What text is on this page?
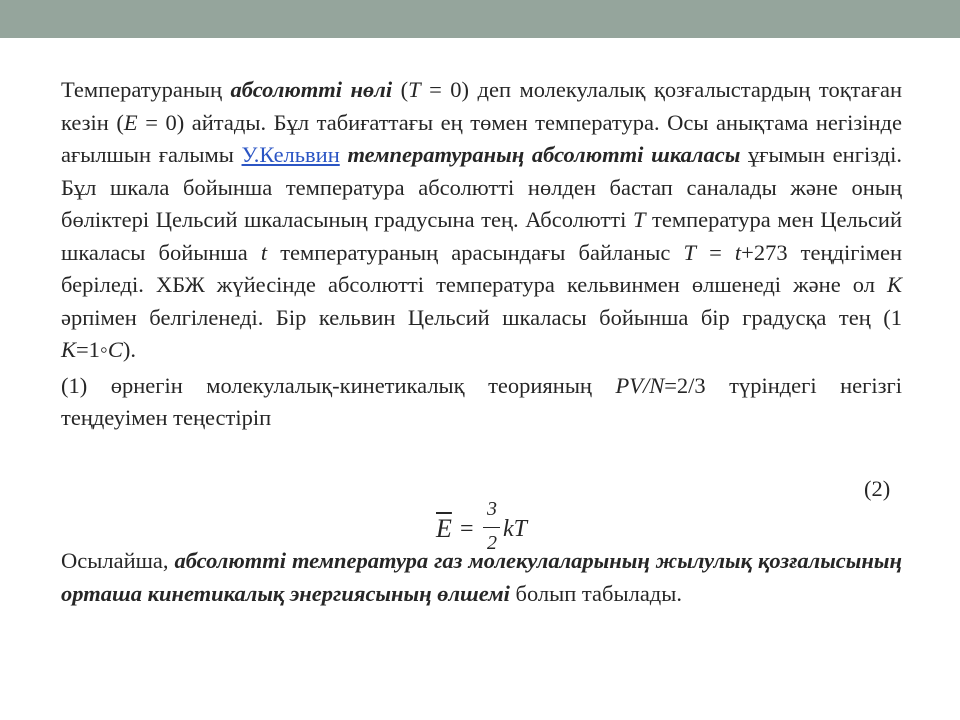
Температураның абсолютті нөлі (Т = 0) деп молекулалық қозғалыстардың тоқтаған кезін (Е = 0) айтады. Бұл табиғаттағы ең төмен температура. Осы анықтама негізінде ағылшын ғалымы У.Кельвин температураның абсолютті шкаласы ұғымын енгізді. Бұл шкала бойынша температура абсолютті нөлден бастап саналады және оның бөліктері Цельсий шкаласының градусына тең. Абсолютті Т температура мен Цельсий шкаласы бойынша t температураның арасындағы байланыс Т = t+273 теңдігімен беріледі. ХБЖ жүйесінде абсолютті температура кельвинмен өлшенеді және ол К әрпімен белгіленеді. Бір кельвин Цельсий шкаласы бойынша бір градусқа тең (1 К=1◦С).

(1) өрнегін молекулалық-кинетикалық теорияның PV/N=2/3 түріндегі негізгі теңдеуімен теңестіріп

(2)
$\overline{E}$ =
3
2
kT

Осылайша, абсолютті температура газ молекулаларының жылулық қозғалысының орташа кинетикалық энергиясының өлшемі болып табылады.
